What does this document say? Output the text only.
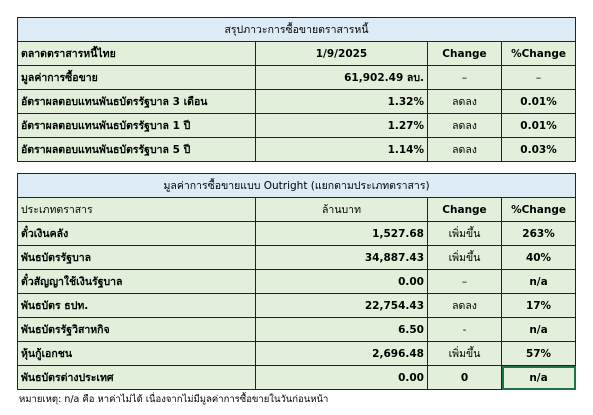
สรุปภาวะการซื้อขายตราสารหนี้			
ตลาดตราสารหนี้ไทย	1/9/2025	Change	%Change
มูลค่าการซื้อขาย	61,902.49 ลบ.	–	–
อัตราผลตอบแทนพันธบัตรรัฐบาล 3 เดือน	1.32%	ลดลง	0.01%
อัตราผลตอบแทนพันธบัตรรัฐบาล 1 ปี	1.27%	ลดลง	0.01%
อัตราผลตอบแทนพันธบัตรรัฐบาล 5 ปี	1.14%	ลดลง	0.03%
มูลค่าการซื้อขายแบบ Outright (แยกตามประเภทตราสาร)			
ประเภทตราสาร	ล้านบาท	Change	%Change
ตั๋วเงินคลัง	1,527.68	เพิ่มขึ้น	263%
พันธบัตรรัฐบาล	34,887.43	เพิ่มขึ้น	40%
ตั๋วสัญญาใช้เงินรัฐบาล	0.00	–	n/a
พันธบัตร ธปท.	22,754.43	ลดลง	17%
พันธบัตรรัฐวิสาหกิจ	6.50	-	n/a
หุ้นกู้เอกชน	2,696.48	เพิ่มขึ้น	57%
พันธบัตรต่างประเทศ	0.00	0	n/a
หมายเหตุ: n/a คือ หาค่าไม่ได้ เนื่องจากไม่มีมูลค่าการซื้อขายในวันก่อนหน้า
